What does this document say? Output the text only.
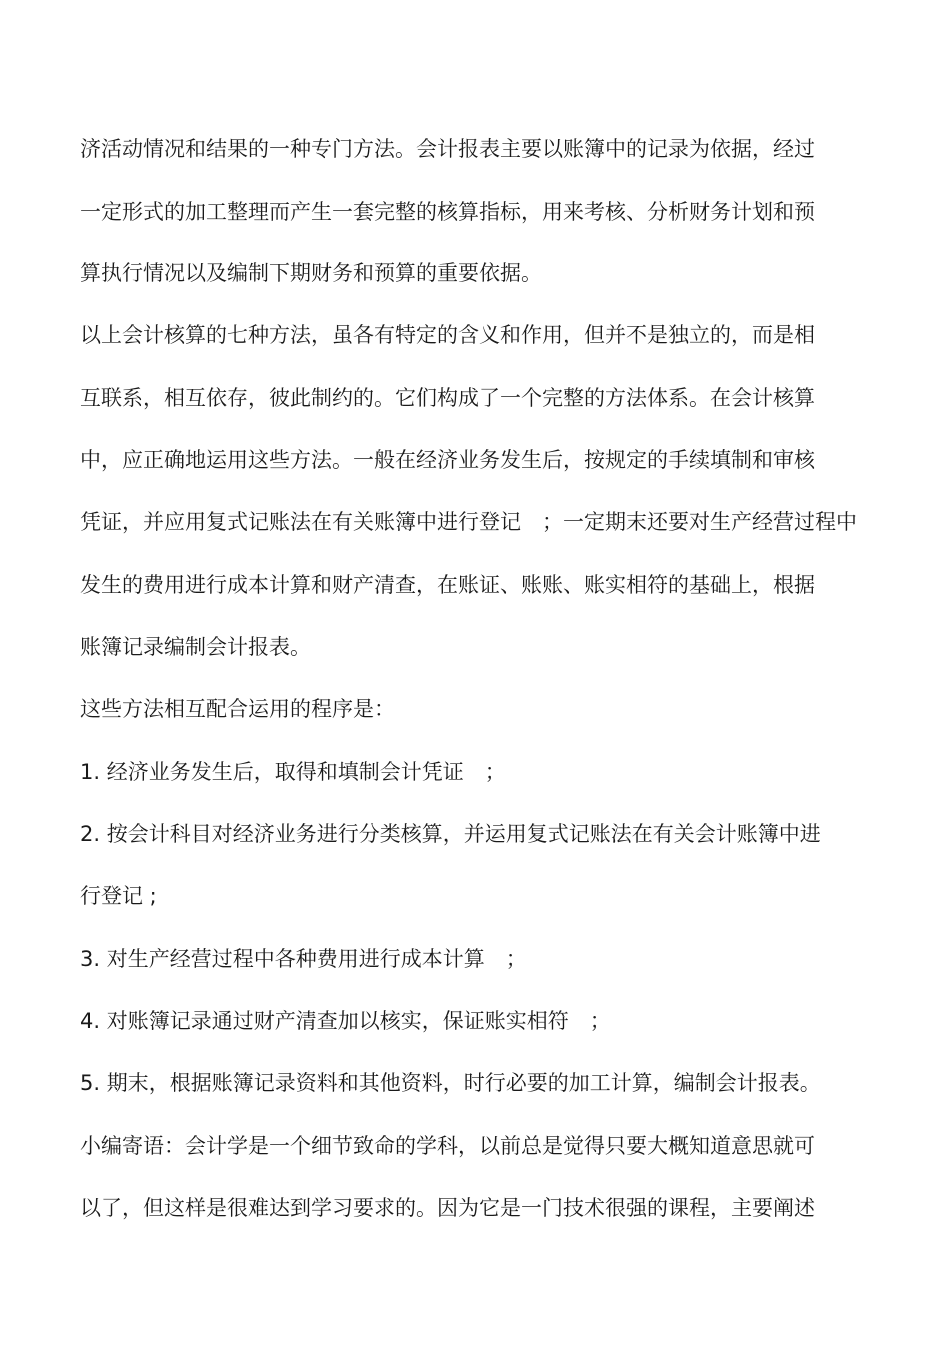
济活动情况和结果的一种专门方法。会计报表主要以账簿中的记录为依据，经过
一定形式的加工整理而产生一套完整的核算指标，用来考核、分析财务计划和预
算执行情况以及编制下期财务和预算的重要依据。
以上会计核算的七种方法，虽各有特定的含义和作用，但并不是独立的，而是相
互联系，相互依存，彼此制约的。它们构成了一个完整的方法体系。在会计核算
中，应正确地运用这些方法。一般在经济业务发生后，按规定的手续填制和审核
凭证，并应用复式记账法在有关账簿中进行登记　；一定期末还要对生产经营过程中
发生的费用进行成本计算和财产清查，在账证、账账、账实相符的基础上，根据
账簿记录编制会计报表。
这些方法相互配合运用的程序是：
1. 经济业务发生后，取得和填制会计凭证　；
2. 按会计科目对经济业务进行分类核算，并运用复式记账法在有关会计账簿中进
行登记 ;
3. 对生产经营过程中各种费用进行成本计算　；
4. 对账簿记录通过财产清查加以核实，保证账实相符　；
5. 期末，根据账簿记录资料和其他资料，时行必要的加工计算，编制会计报表。
小编寄语：会计学是一个细节致命的学科，以前总是觉得只要大概知道意思就可
以了，但这样是很难达到学习要求的。因为它是一门技术很强的课程，主要阐述
